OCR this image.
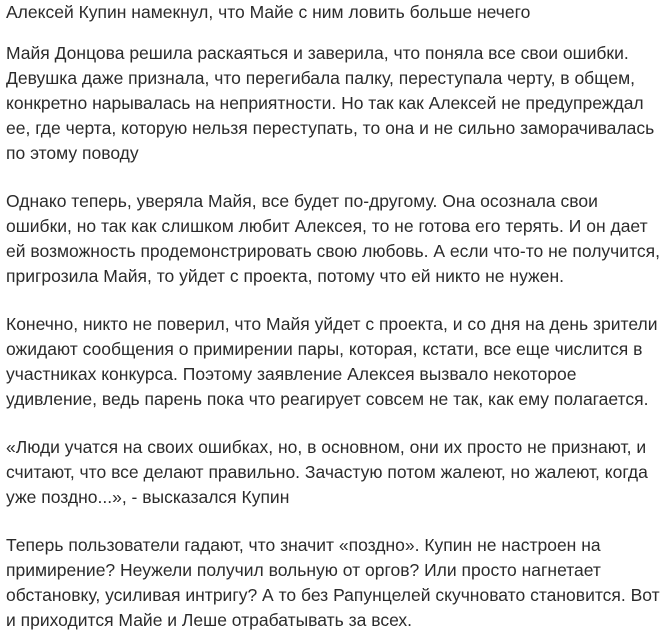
Алексей Купин намекнул, что Майе с ним ловить больше нечего

Майя Донцова решила раскаяться и заверила, что поняла все свои ошибки. Девушка даже признала, что перегибала палку, переступала черту, в общем, конкретно нарывалась на неприятности. Но так как Алексей не предупреждал ее, где черта, которую нельзя переступать, то она и не сильно заморачивалась по этому поводу

Однако теперь, уверяла Майя, все будет по-другому. Она осознала свои ошибки, но так как слишком любит Алексея, то не готова его терять. И он дает ей возможность продемонстрировать свою любовь. А если что-то не получится, пригрозила Майя, то уйдет с проекта, потому что ей никто не нужен.

Конечно, никто не поверил, что Майя уйдет с проекта, и со дня на день зрители ожидают сообщения о примирении пары, которая, кстати, все еще числится в участниках конкурса. Поэтому заявление Алексея вызвало некоторое удивление, ведь парень пока что реагирует совсем не так, как ему полагается.

«Люди учатся на своих ошибках, но, в основном, они их просто не признают, и считают, что все делают правильно. Зачастую потом жалеют, но жалеют, когда уже поздно...», - высказался Купин

Теперь пользователи гадают, что значит «поздно». Купин не настроен на примирение? Неужели получил вольную от оргов? Или просто нагнетает обстановку, усиливая интригу? А то без Рапунцелей скучновато становится. Вот и приходится Майе и Леше отрабатывать за всех.
